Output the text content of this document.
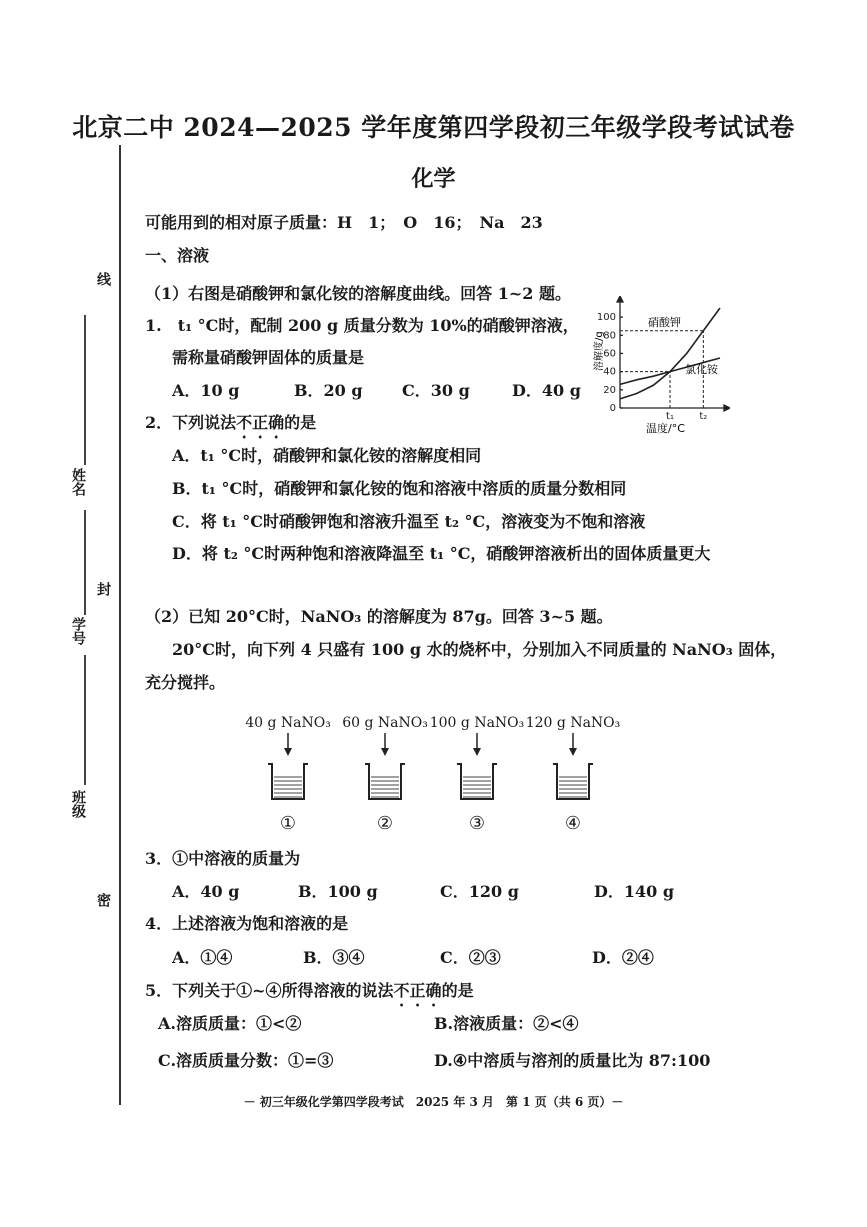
线
封
密
姓名
学号
班级
北京二中 2024—2025 学年度第四学段初三年级学段考试试卷
化学
可能用到的相对原子质量：H　1；　O　16；　Na　23
一、溶液
（1）右图是硝酸钾和氯化铵的溶解度曲线。回答 1~2 题。
1.　t₁ °C时，配制 200 g 质量分数为 10%的硝酸钾溶液，
需称量硝酸钾固体的质量是
A．10 g	B．20 g C．30 g	D．40 g
溶解度/g
0
20
40
60
80
100
t₁	t₂
温度/°C
硝酸钾
氯化铵
2．下列说法不正确的是
A．t₁ °C时，硝酸钾和氯化铵的溶解度相同
B．t₁ °C时，硝酸钾和氯化铵的饱和溶液中溶质的质量分数相同
C．将 t₁ °C时硝酸钾饱和溶液升温至 t₂ °C，溶液变为不饱和溶液
D．将 t₂ °C时两种饱和溶液降温至 t₁ °C，硝酸钾溶液析出的固体质量更大
（2）已知 20°C时，NaNO₃ 的溶解度为 87g。回答 3~5 题。
20°C时，向下列 4 只盛有 100 g 水的烧杯中，分别加入不同质量的 NaNO₃ 固体，
充分搅拌。
40 g NaNO₃
①
60 g NaNO₃
②
100 g NaNO₃
③
120 g NaNO₃
④
3．①中溶液的质量为
A．40 g	B．100 g	C．120 g	D．140 g
4．上述溶液为饱和溶液的是
A．①④	B．③④	C．②③	D．②④
5．下列关于①~④所得溶液的说法不正确的是
A.溶质质量：①<②	B.溶液质量：②<④
C.溶质质量分数：①=③	D.④中溶质与溶剂的质量比为 87:100
－ 初三年级化学第四学段考试　2025 年 3 月　第 1 页（共 6 页）－
